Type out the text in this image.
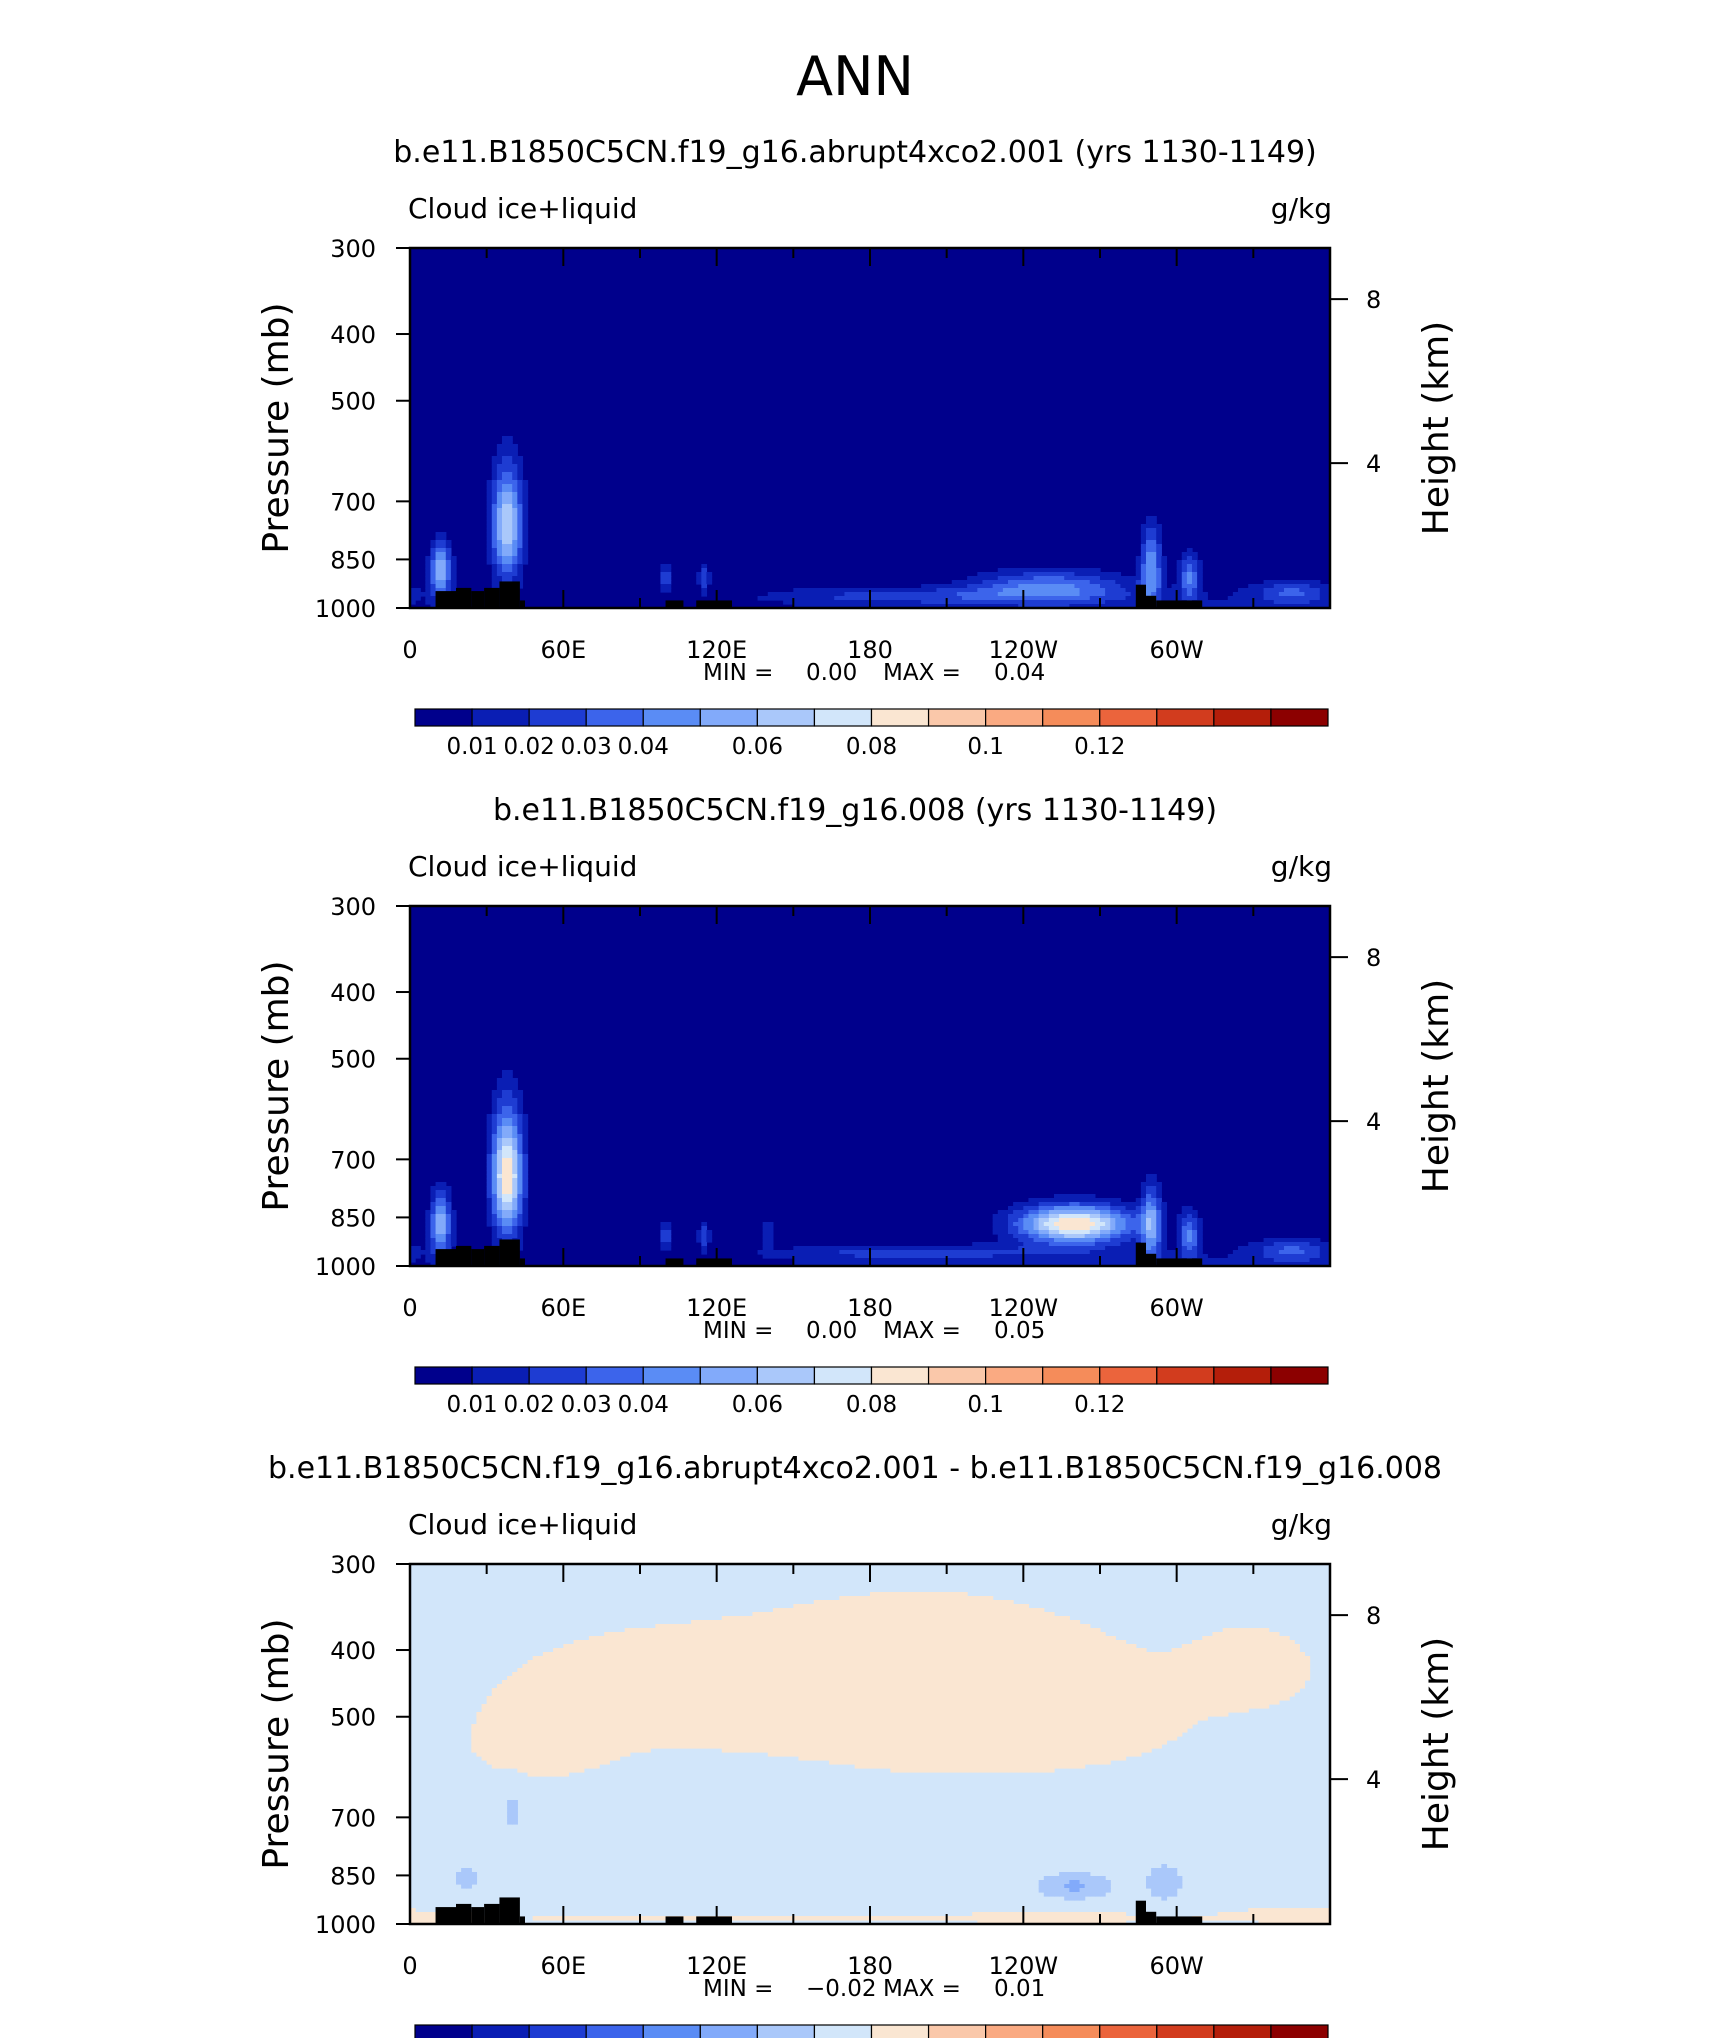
ANN
b.e11.B1850C5CN.f19_g16.abrupt4xco2.001 (yrs 1130-1149)
Cloud ice+liquid	g/kg
0	60E	120E	180	120W	60W
300
400
500
700
850
1000
8
4
Pressure (mb)	Height (km)
MIN = 0.00 MAX = 0.04
0.01 0.02 0.03 0.04	0.06	0.08	0.1	0.12
b.e11.B1850C5CN.f19_g16.008 (yrs 1130-1149)
Cloud ice+liquid	g/kg
0	60E	120E	180	120W	60W
300
400
500
700
850
1000
8
4
Pressure (mb)	Height (km)
MIN = 0.00 MAX = 0.05
0.01 0.02 0.03 0.04	0.06	0.08	0.1	0.12
b.e11.B1850C5CN.f19_g16.abrupt4xco2.001 - b.e11.B1850C5CN.f19_g16.008
Cloud ice+liquid	g/kg
0	60E	120E	180	120W	60W
300
400
500
700
850
1000
8
4
Pressure (mb)	Height (km)
MIN = −0.02 MAX = 0.01
